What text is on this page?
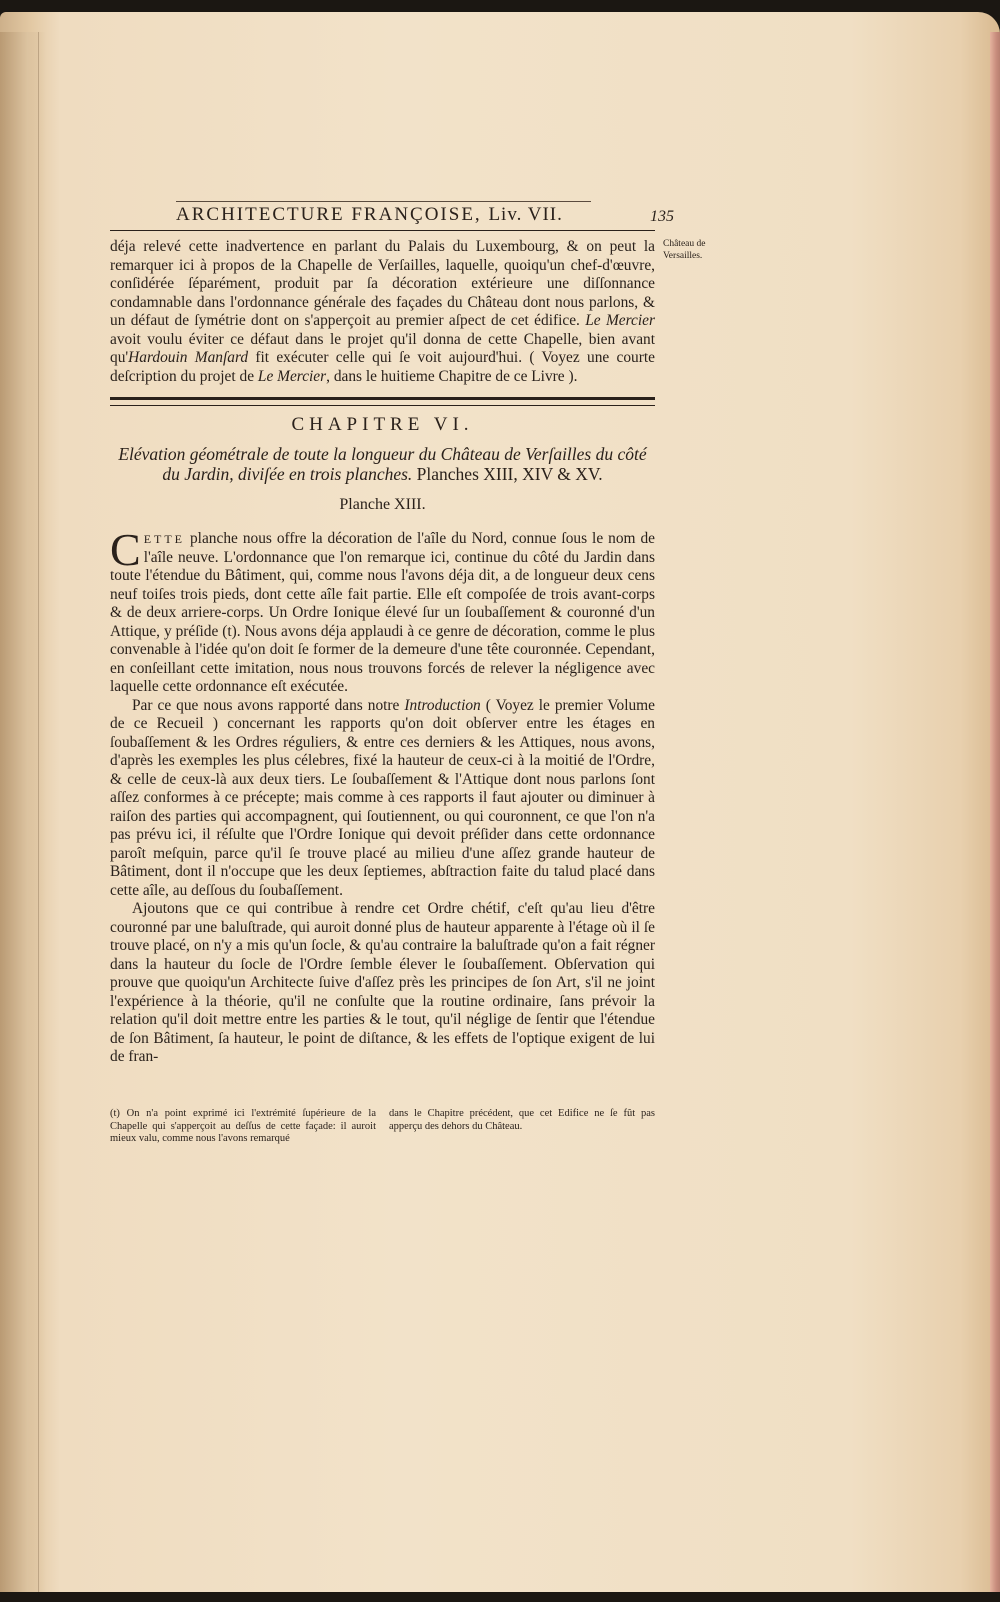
ARCHITECTURE FRANÇOISE, Liv. VII.	135
Château de
Versailles.

déja relevé cette inadvertence en parlant du Palais du Luxembourg, & on peut la remarquer ici à propos de la Chapelle de Verſailles, laquelle, quoiqu'un chef-d'œuvre, conſidérée ſéparément, produit par ſa décoration extérieure une diſſonnance condamnable dans l'ordonnance générale des façades du Château dont nous parlons, & un défaut de ſymétrie dont on s'apperçoit au premier aſpect de cet édifice. Le Mercier avoit voulu éviter ce défaut dans le projet qu'il donna de cette Chapelle, bien avant qu'Hardouin Manſard fit exécuter celle qui ſe voit aujourd'hui. ( Voyez une courte deſcription du projet de Le Mercier, dans le huitieme Chapitre de ce Livre ).

CHAPITRE VI.
Elévation géométrale de toute la longueur du Château de Verſailles du côté du Jardin, diviſée en trois planches. Planches XIII, XIV & XV.
Planche XIII.

CETTE planche nous offre la décoration de l'aîle du Nord, connue ſous le nom de l'aîle neuve. L'ordonnance que l'on remarque ici, continue du côté du Jardin dans toute l'étendue du Bâtiment, qui, comme nous l'avons déja dit, a de longueur deux cens neuf toiſes trois pieds, dont cette aîle fait partie. Elle eſt compoſée de trois avant-corps & de deux arriere-corps. Un Ordre Ionique élevé ſur un ſoubaſſement & couronné d'un Attique, y préſide (t). Nous avons déja applaudi à ce genre de décoration, comme le plus convenable à l'idée qu'on doit ſe former de la demeure d'une tête couronnée. Cependant, en conſeillant cette imitation, nous nous trouvons forcés de relever la négligence avec laquelle cette ordonnance eſt exécutée.

Par ce que nous avons rapporté dans notre Introduction ( Voyez le premier Volume de ce Recueil ) concernant les rapports qu'on doit obſerver entre les étages en ſoubaſſement & les Ordres réguliers, & entre ces derniers & les Attiques, nous avons, d'après les exemples les plus célebres, fixé la hauteur de ceux-ci à la moitié de l'Ordre, & celle de ceux-là aux deux tiers. Le ſoubaſſement & l'Attique dont nous parlons ſont aſſez conformes à ce précepte; mais comme à ces rapports il faut ajouter ou diminuer à raiſon des parties qui accompagnent, qui ſoutiennent, ou qui couronnent, ce que l'on n'a pas prévu ici, il réſulte que l'Ordre Ionique qui devoit préſider dans cette ordonnance paroît meſquin, parce qu'il ſe trouve placé au milieu d'une aſſez grande hauteur de Bâtiment, dont il n'occupe que les deux ſeptiemes, abſtraction faite du talud placé dans cette aîle, au deſſous du ſoubaſſement.

Ajoutons que ce qui contribue à rendre cet Ordre chétif, c'eſt qu'au lieu d'être couronné par une baluſtrade, qui auroit donné plus de hauteur apparente à l'étage où il ſe trouve placé, on n'y a mis qu'un ſocle, & qu'au contraire la baluſtrade qu'on a fait régner dans la hauteur du ſocle de l'Ordre ſemble élever le ſoubaſſement. Obſervation qui prouve que quoiqu'un Architecte ſuive d'aſſez près les principes de ſon Art, s'il ne joint l'expérience à la théorie, qu'il ne conſulte que la routine ordinaire, ſans prévoir la relation qu'il doit mettre entre les parties & le tout, qu'il néglige de ſentir que l'étendue de ſon Bâtiment, ſa hauteur, le point de diſtance, & les effets de l'optique exigent de lui de fran-

(t) On n'a point exprimé ici l'extrémité ſupérieure de la Chapelle qui s'apperçoit au deſſus de cette façade: il auroit mieux valu, comme nous l'avons remarqué
dans le Chapitre précédent, que cet Edifice ne ſe fût pas apperçu des dehors du Château.
